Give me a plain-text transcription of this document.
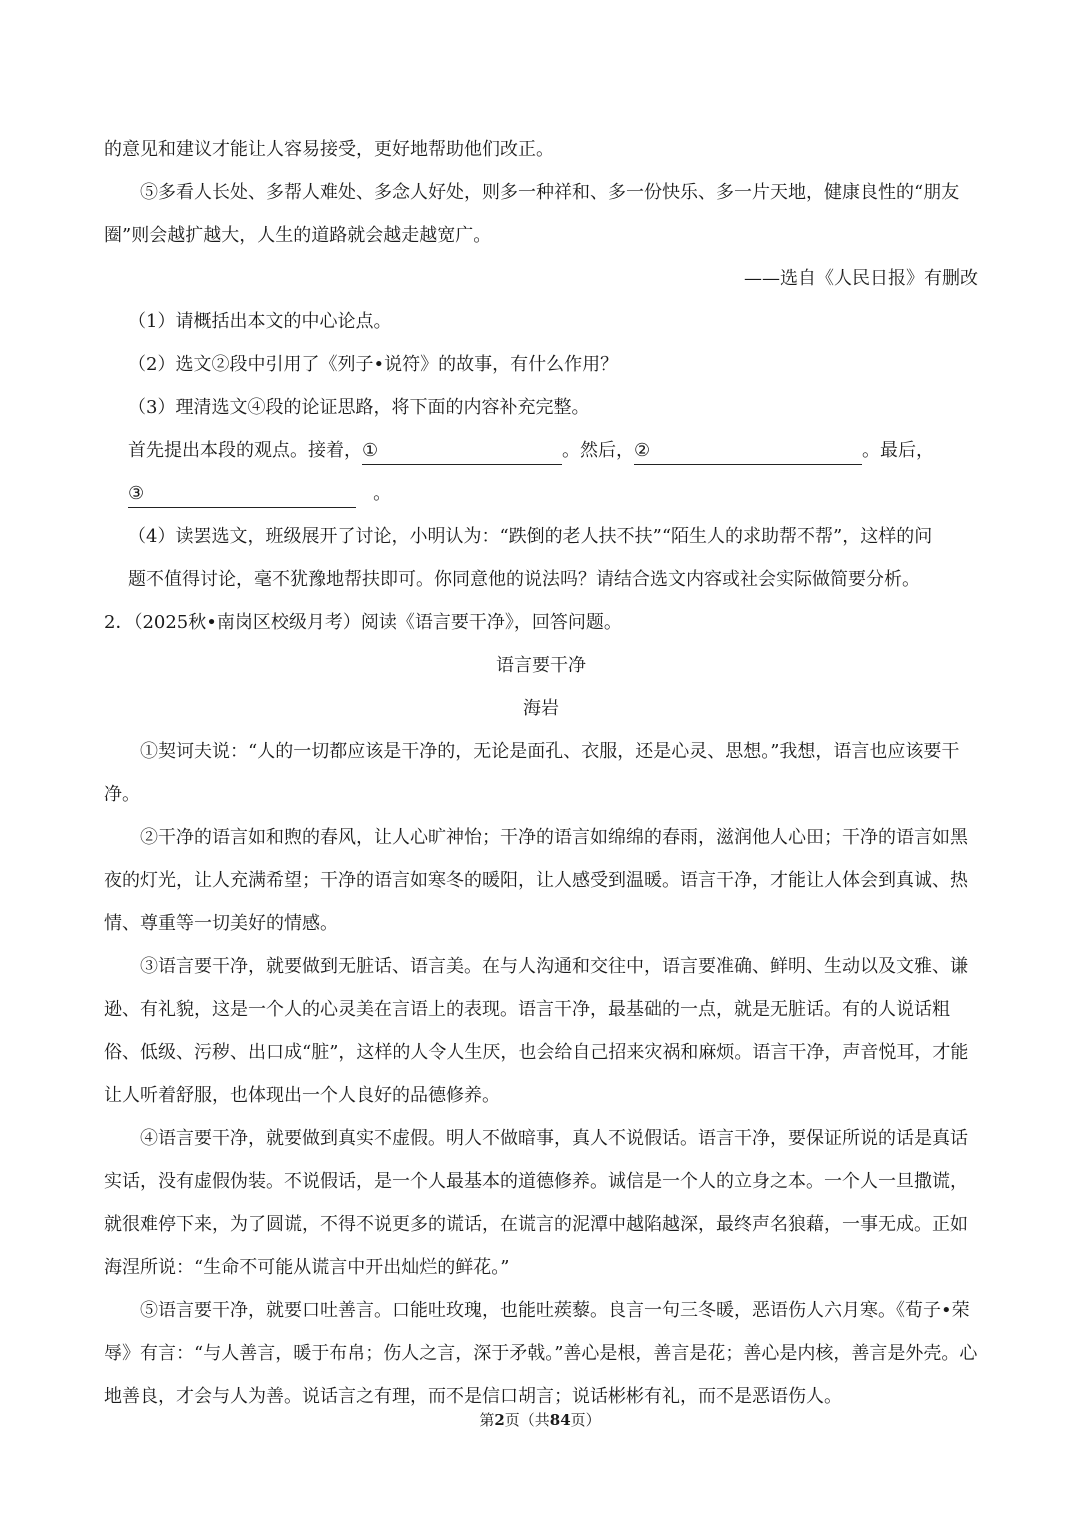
的意见和建议才能让人容易接受，更好地帮助他们改正。

⑤多看人长处、多帮人难处、多念人好处，则多一种祥和、多一份快乐、多一片天地，健康良性的“朋友圈”则会越扩越大，人生的道路就会越走越宽广。

——选自《人民日报》有删改

（1）请概括出本文的中心论点。

（2）选文②段中引用了《列子•说符》的故事，有什么作用？

（3）理清选文④段的论证思路，将下面的内容补充完整。

首先提出本段的观点。接着，①	。然后，②	。最后，

③	。

（4）读罢选文，班级展开了讨论，小明认为：“跌倒的老人扶不扶”“陌生人的求助帮不帮”，这样的问

题不值得讨论，毫不犹豫地帮扶即可。你同意他的说法吗？请结合选文内容或社会实际做简要分析。

2．（2025秋•南岗区校级月考）阅读《语言要干净》，回答问题。

语言要干净

海岩

①契诃夫说：“人的一切都应该是干净的，无论是面孔、衣服，还是心灵、思想。”我想，语言也应该要干净。

②干净的语言如和煦的春风，让人心旷神怡；干净的语言如绵绵的春雨，滋润他人心田；干净的语言如黑夜的灯光，让人充满希望；干净的语言如寒冬的暖阳，让人感受到温暖。语言干净，才能让人体会到真诚、热情、尊重等一切美好的情感。

③语言要干净，就要做到无脏话、语言美。在与人沟通和交往中，语言要准确、鲜明、生动以及文雅、谦逊、有礼貌，这是一个人的心灵美在言语上的表现。语言干净，最基础的一点，就是无脏话。有的人说话粗俗、低级、污秽、出口成“脏”，这样的人令人生厌，也会给自己招来灾祸和麻烦。语言干净，声音悦耳，才能让人听着舒服，也体现出一个人良好的品德修养。

④语言要干净，就要做到真实不虚假。明人不做暗事，真人不说假话。语言干净，要保证所说的话是真话实话，没有虚假伪装。不说假话，是一个人最基本的道德修养。诚信是一个人的立身之本。一个人一旦撒谎，就很难停下来，为了圆谎，不得不说更多的谎话，在谎言的泥潭中越陷越深，最终声名狼藉，一事无成。正如海涅所说：“生命不可能从谎言中开出灿烂的鲜花。”

⑤语言要干净，就要口吐善言。口能吐玫瑰，也能吐蒺藜。良言一句三冬暖，恶语伤人六月寒。《荀子•荣辱》有言：“与人善言，暖于布帛；伤人之言，深于矛戟。”善心是根，善言是花；善心是内核，善言是外壳。心地善良，才会与人为善。说话言之有理，而不是信口胡言；说话彬彬有礼，而不是恶语伤人。

第2页（共84页）
